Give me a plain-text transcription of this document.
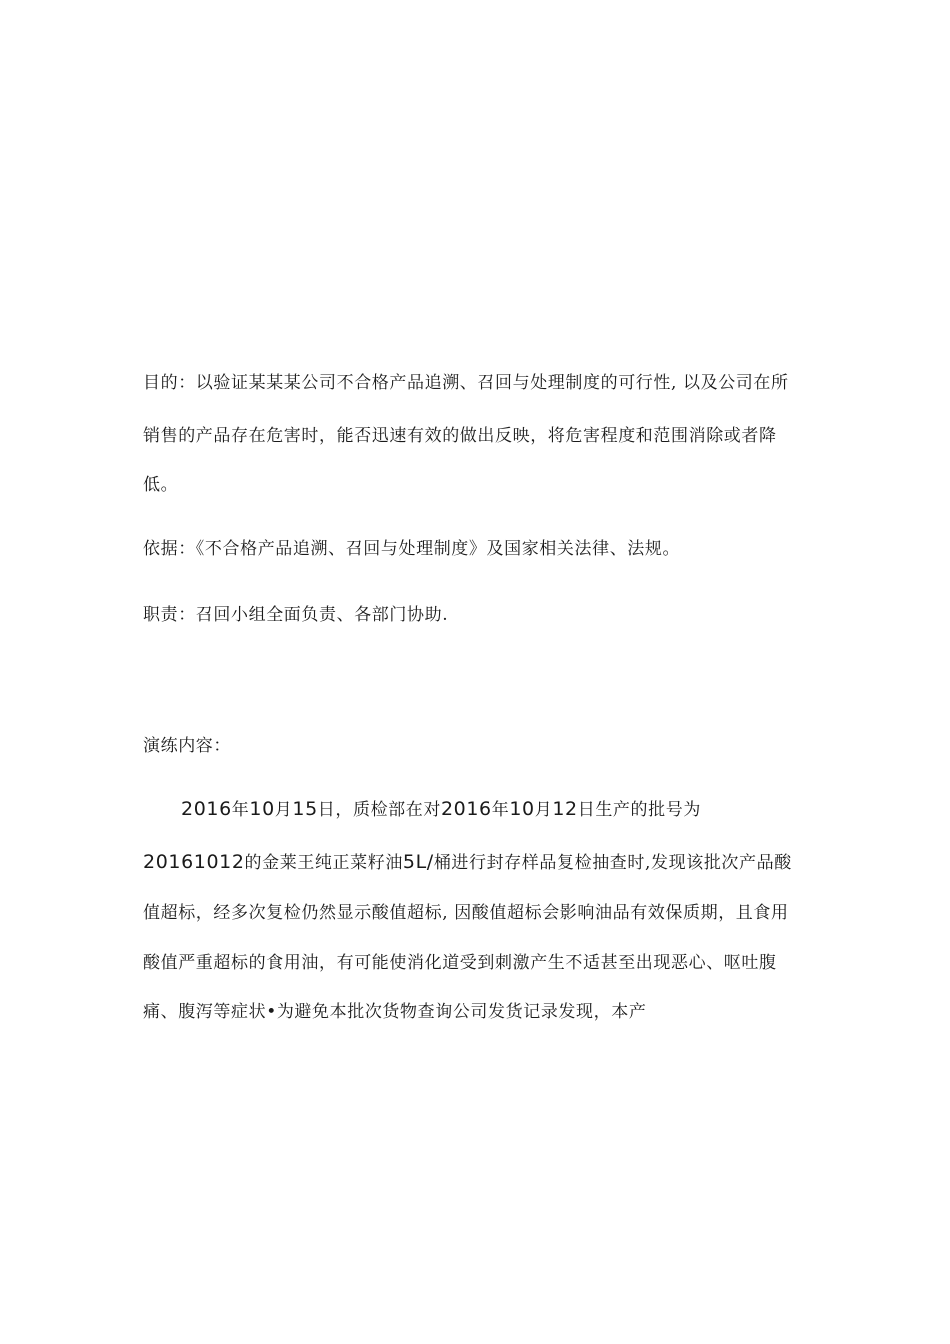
目的：以验证某某某公司不合格产品追溯、召回与处理制度的可行性, 以及公司在所
销售的产品存在危害时，能否迅速有效的做出反映，将危害程度和范围消除或者降
低。
依据：《不合格产品追溯、召回与处理制度》及国家相关法律、法规。
职责：召回小组全面负责、各部门协助.
演练内容：
2016年10月15日，质检部在对2016年10月12日生产的批号为
20161012的金莱王纯正菜籽油5L/桶进行封存样品复检抽查时,发现该批次产品酸
值超标，经多次复检仍然显示酸值超标, 因酸值超标会影响油品有效保质期，且食用
酸值严重超标的食用油，有可能使消化道受到刺激产生不适甚至出现恶心、呕吐腹
痛、腹泻等症状•为避免本批次货物查询公司发货记录发现，本产
